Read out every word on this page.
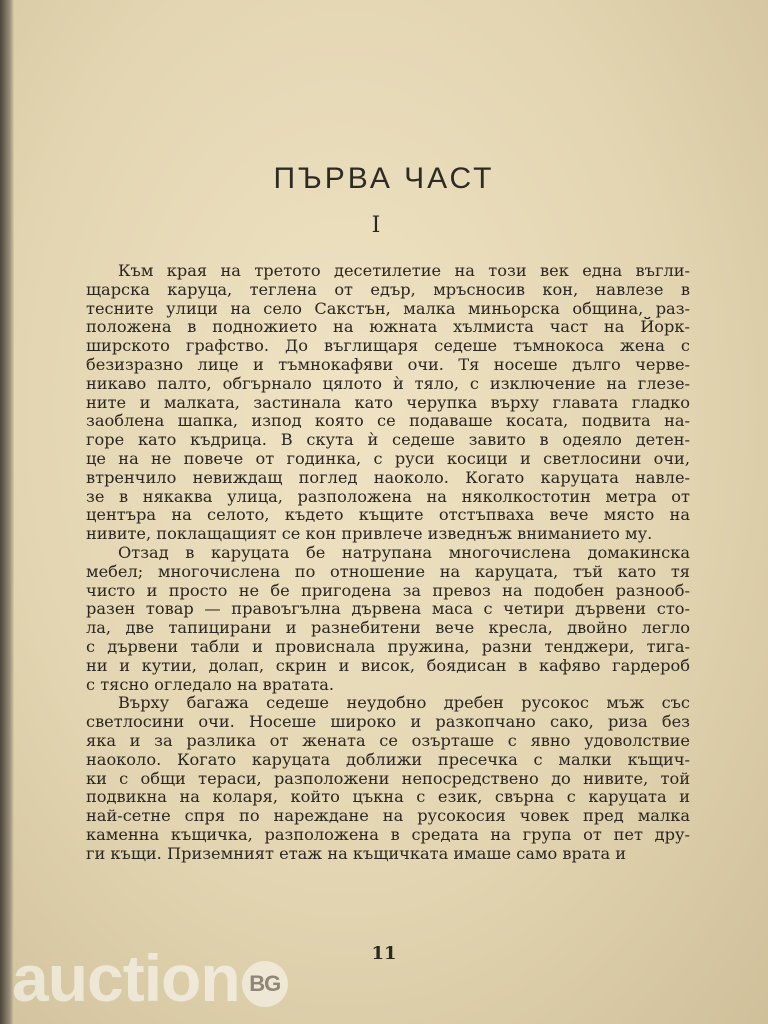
ПЪРВА ЧАСТ
I
Към края на третото десетилетие на този век една въгли-
щарска каруца, теглена от едър, мръсносив кон, навлезе в
тесните улици на село Сакстън, малка миньорска община, раз-
положена в подножието на южната хълмиста част на Йорк-
ширското графство. До въглищаря седеше тъмнокоса жена с
безизразно лице и тъмнокафяви очи. Тя носеше дълго черве-
никаво палто, обгърнало цялото ѝ тяло, с изключение на глезе-
ните и малката, застинала като черупка върху главата гладко
заоблена шапка, изпод която се подаваше косата, подвита на-
горе като къдрица. В скута ѝ седеше завито в одеяло детен-
це на не повече от годинка, с руси косици и светлосини очи,
втренчило невиждащ поглед наоколо. Когато каруцата навле-
зе в някаква улица, разположена на няколкостотин метра от
центъра на селото, където къщите отстъпваха вече място на
нивите, поклащащият се кон привлече изведнъж вниманието му.
Отзад в каруцата бе натрупана многочислена домакинска
мебел; многочислена по отношение на каруцата, тъй като тя
чисто и просто не бе пригодена за превоз на подобен разнооб-
разен товар — правоъгълна дървена маса с четири дървени сто-
ла, две тапицирани и разнебитени вече кресла, двойно легло
с дървени табли и провиснала пружина, разни тенджери, тига-
ни и кутии, долап, скрин и висок, боядисан в кафяво гардероб
с тясно огледало на вратата.
Върху багажа седеше неудобно дребен русокос мъж със
светлосини очи. Носеше широко и разкопчано сако, риза без
яка и за разлика от жената се озърташе с явно удоволствие
наоколо. Когато каруцата доближи пресечка с малки къщич-
ки с общи тераси, разположени непосредствено до нивите, той
подвикна на коларя, който цъкна с език, свърна с каруцата и
най-сетне спря по нареждане на русокосия човек пред малка
каменна къщичка, разположена в средата на група от пет дру-
ги къщи. Приземният етаж на къщичката имаше само врата и
11
auction BG
